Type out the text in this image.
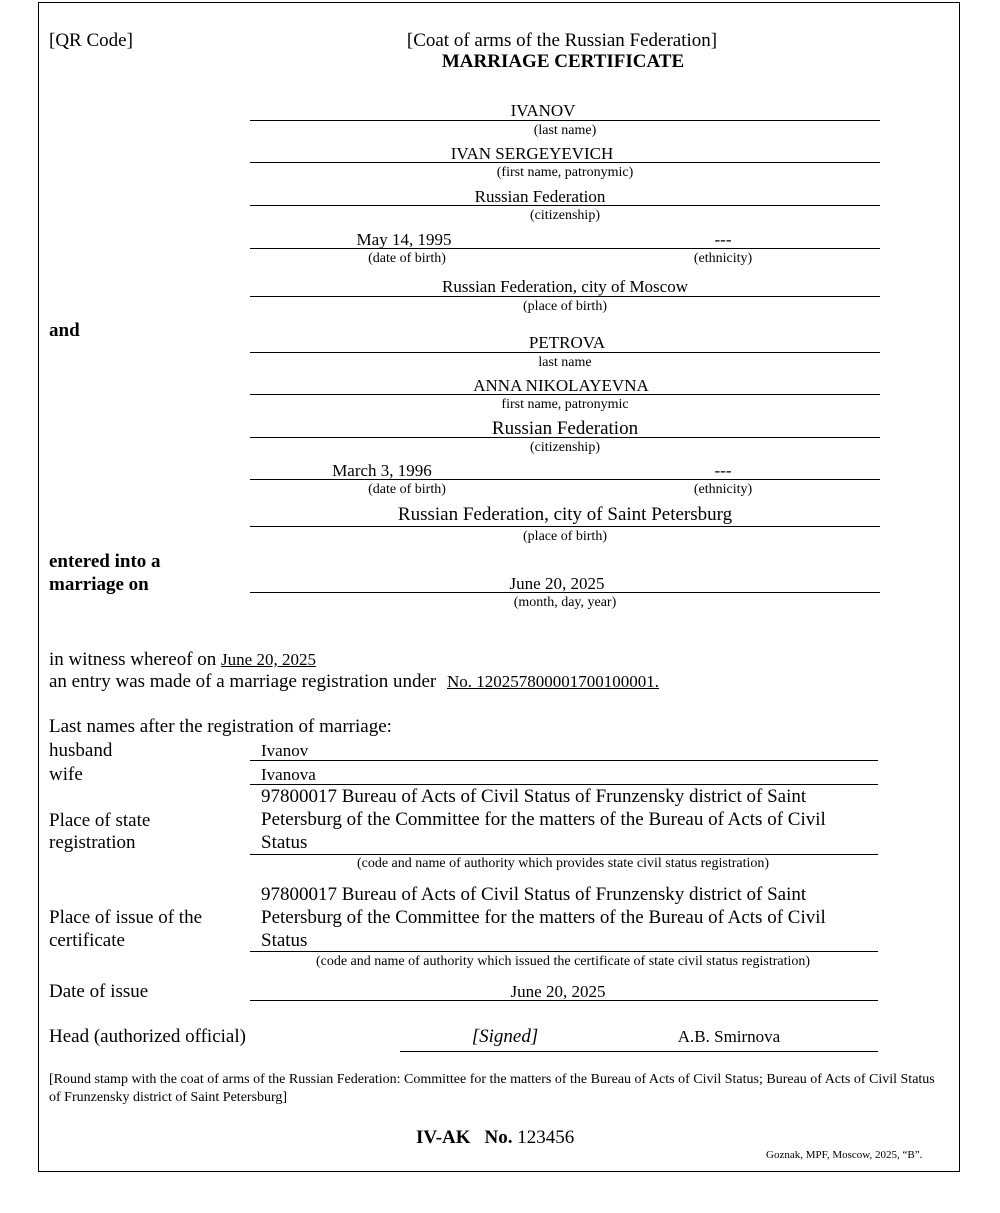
[QR Code]	[Coat of arms of the Russian Federation]
MARRIAGE CERTIFICATE
IVANOV
(last name)
IVAN SERGEYEVICH
(first name, patronymic)
Russian Federation
(citizenship)
May 14, 1995	---
(date of birth)	(ethnicity)
Russian Federation, city of Moscow
(place of birth)
and
PETROVA
last name
ANNA NIKOLAYEVNA
first name, patronymic
Russian Federation
(citizenship)
March 3, 1996	---
(date of birth)	(ethnicity)
Russian Federation, city of Saint Petersburg
(place of birth)
entered into a
marriage on	June 20, 2025
(month, day, year)
in witness whereof on June 20, 2025
an entry was made of a marriage registration under No. 120257800001700100001.
Last names after the registration of marriage:
husband	Ivanov
wife	Ivanova
Place of state
registration
97800017 Bureau of Acts of Civil Status of Frunzensky district of Saint Petersburg of the Committee for the matters of the Bureau of Acts of Civil Status
(code and name of authority which provides state civil status registration)
Place of issue of the
certificate
97800017 Bureau of Acts of Civil Status of Frunzensky district of Saint Petersburg of the Committee for the matters of the Bureau of Acts of Civil Status
(code and name of authority which issued the certificate of state civil status registration)
Date of issue	June 20, 2025
Head (authorized official)	[Signed]	A.B. Smirnova
[Round stamp with the coat of arms of the Russian Federation: Committee for the matters of the Bureau of Acts of Civil Status; Bureau of Acts of Civil Status of Frunzensky district of Saint Petersburg]
IV-AK No. 123456
Goznak, MPF, Moscow, 2025, “B”.
